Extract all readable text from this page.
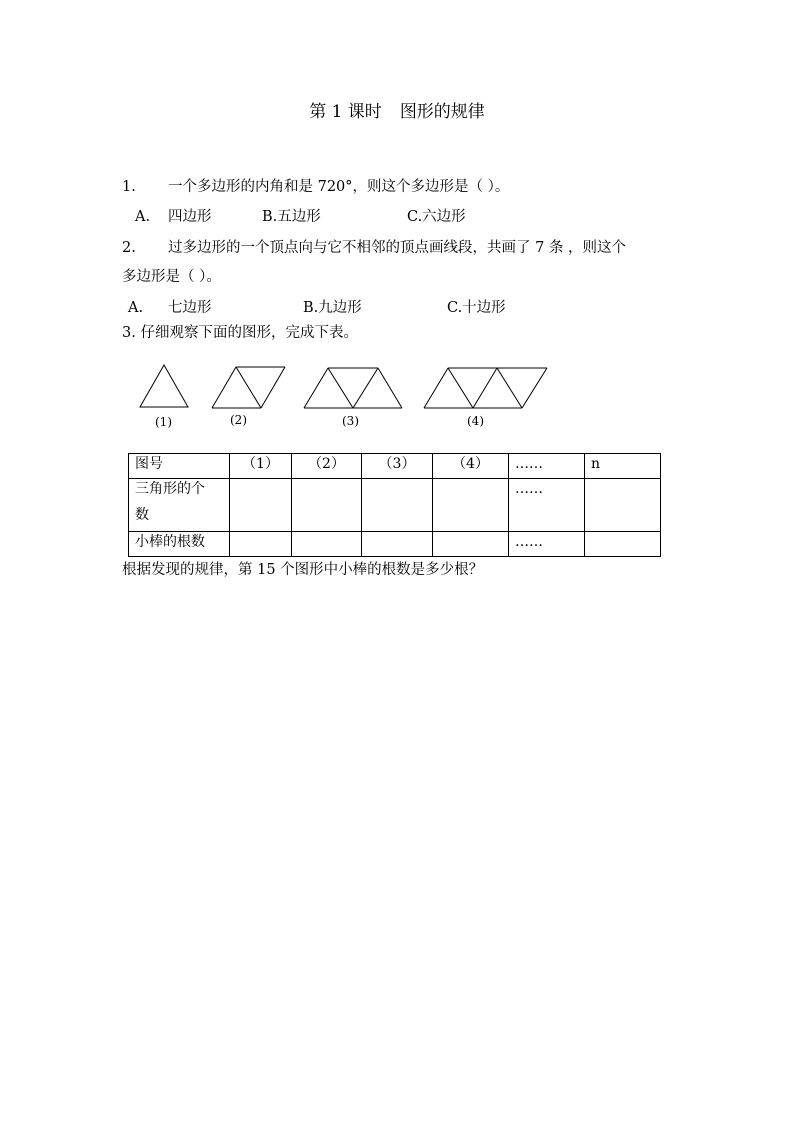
第 1 课时 图形的规律
1. 一个多边形的内角和是 720°，则这个多边形是（ ）。
A. 四边形	B.五边形	C.六边形
2. 过多边形的一个顶点向与它不相邻的顶点画线段，共画了 7 条 ，则这个
多边形是（ ）。
A. 七边形	B.九边形	C.十边形
3. 仔细观察下面的图形，完成下表。
(1)	(2)	(3)	(4)
图号	（1）	（2）	（3）	（4）	……	n

三角形的个
数					……	
小棒的根数					……	
根据发现的规律，第 15 个图形中小棒的根数是多少根？
